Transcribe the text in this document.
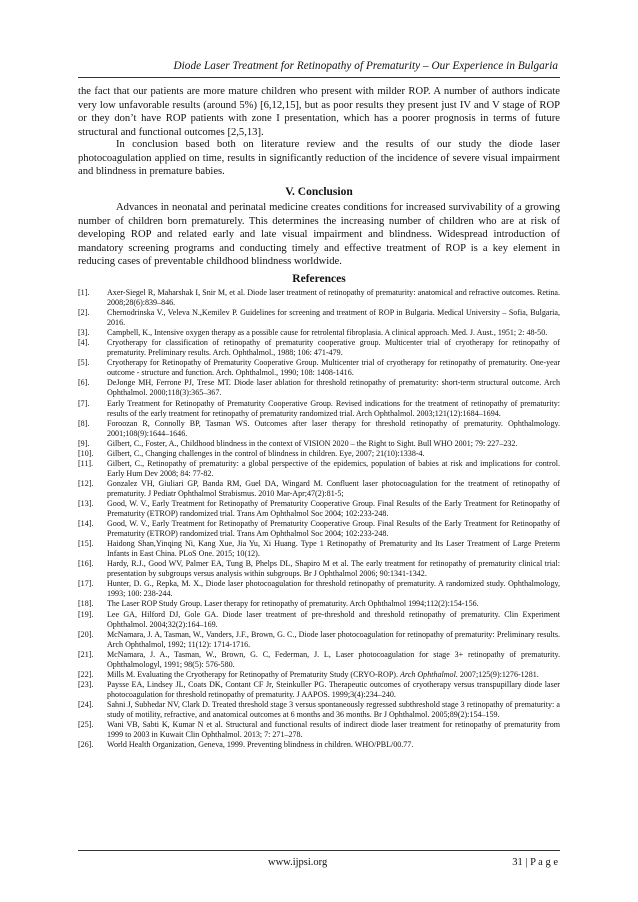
Diode Laser Treatment for Retinopathy of Prematurity – Our Experience in Bulgaria

the fact that our patients are more mature children who present with milder ROP. A number of authors indicate very low unfavorable results (around 5%) [6,12,15], but as poor results they present just IV and V stage of ROP or they don’t have ROP patients with zone I presentation, which has a poorer prognosis in terms of future structural and functional outcomes [2,5,13].

In conclusion based both on literature review and the results of our study the diode laser photocoagulation applied on time, results in significantly reduction of the incidence of severe visual impairment and blindness in premature babies.

V. Conclusion

Advances in neonatal and perinatal medicine creates conditions for increased survivability of a growing number of children born prematurely. This determines the increasing number of children who are at risk of developing ROP and related early and late visual impairment and blindness. Widespread introduction of mandatory screening programs and conducting timely and effective treatment of ROP is a key element in reducing cases of preventable childhood blindness worldwide.

References
[1]. Axer-Siegel R, Maharshak I, Snir M, et al. Diode laser treatment of retinopathy of prematurity: anatomical and refractive outcomes. Retina. 2008;28(6):839–846.
[2]. Chernodrinska V., Veleva N.,Kemilev P. Guidelines for screening and treatment of ROP in Bulgaria. Medical University – Sofia, Bulgaria, 2016.
[3]. Campbell, K., Intensive oxygen therapy as a possible cause for retrolental fibroplasia. A clinical approach. Med. J. Aust., 1951; 2: 48-50.
[4]. Cryotherapy for classification of retinopathy of prematurity cooperative group. Multicenter trial of cryotherapy for retinopathy of prematurity. Preliminary results. Arch. Ophthalmol., 1988; 106: 471-479.
[5]. Cryotherapy for Retinopathy of Prematurity Cooperative Group. Multicenter trial of cryotherapy for retinopathy of prematurity. One-year outcome - structure and function. Arch. Ophthalmol., 1990; 108: 1408-1416.
[6]. DeJonge MH, Ferrone PJ, Trese MT. Diode laser ablation for threshold retinopathy of prematurity: short-term structural outcome. Arch Ophthalmol. 2000;118(3):365–367.
[7]. Early Treatment for Retinopathy of Prematurity Cooperative Group. Revised indications for the treatment of retinopathy of prematurity: results of the early treatment for retinopathy of prematurity randomized trial. Arch Ophthalmol. 2003;121(12):1684–1694.
[8]. Foroozan R, Connolly BP, Tasman WS. Outcomes after laser therapy for threshold retinopathy of prematurity. Ophthalmology. 2001;108(9):1644–1646.
[9]. Gilbert, C., Foster, A., Childhood blindness in the context of VISION 2020 – the Right to Sight. Bull WHO 2001; 79: 227–232.
[10]. Gilbert, C., Changing challenges in the control of blindness in children. Eye, 2007; 21(10):1338-4.
[11]. Gilbert, C., Retinopathy of prematurity: a global perspective of the epidemics, population of babies at risk and implications for control. Early Hum Dev 2008; 84: 77-82.
[12]. Gonzalez VH, Giuliari GP, Banda RM, Guel DA, Wingard M. Confluent laser photocoagulation for the treatment of retinopathy of prematurity. J Pediatr Ophthalmol Strabismus. 2010 Mar-Apr;47(2):81-5;
[13]. Good, W. V., Early Treatment for Retinopathy of Prematurity Cooperative Group. Final Results of the Early Treatment for Retinopathy of Prematurity (ETROP) randomized trial. Trans Am Ophthalmol Soc 2004; 102:233-248.
[14]. Good, W. V., Early Treatment for Retinopathy of Prematurity Cooperative Group. Final Results of the Early Treatment for Retinopathy of Prematurity (ETROP) randomized trial. Trans Am Ophthalmol Soc 2004; 102:233-248.
[15]. Haidong Shan,Yinqing Ni, Kang Xue, Jia Yu, Xi Huang. Type 1 Retinopathy of Prematurity and Its Laser Treatment of Large Preterm Infants in East China. PLoS One. 2015; 10(12).
[16]. Hardy, R.J., Good WV, Palmer EA, Tung B, Phelps DL, Shapiro M et al. The early treatment for retinopathy of prematurity clinical trial: presentation by subgroups versus analysis within subgroups. Br J Ophthalmol 2006; 90:1341-1342.
[17]. Hunter, D. G., Repka, M. X., Diode laser photocoagulation for threshold retinopathy of prematurity. A randomized study. Ophthalmology, 1993; 100: 238-244.
[18]. The Laser ROP Study Group. Laser therapy for retinopathy of prematurity. Arch Ophthalmol 1994;112(2):154-156.
[19]. Lee GA, Hilford DJ, Gole GA. Diode laser treatment of pre-threshold and threshold retinopathy of prematurity. Clin Experiment Ophthalmol. 2004;32(2):164–169.
[20]. McNamara, J. A, Tasman, W., Vanders, J.F., Brown, G. C., Diode laser photocoagulation for retinopathy of prematurity: Preliminary results. Arch Ophthalmol, 1992; 11(12): 1714-1716.
[21]. McNamara, J. A., Tasman, W., Brown, G. C, Federman, J. L, Laser photocoagulation for stage 3+ retinopathy of prematurity. Ophthalmologyl, 1991; 98(5): 576-580.
[22]. Mills M. Evaluating the Cryotherapy for Retinopathy of Prematurity Study (CRYO-ROP). Arch Ophthalmol. 2007;125(9):1276-1281.
[23]. Paysse EA, Lindsey JL, Coats DK, Contant CF Jr, Steinkuller PG. Therapeutic outcomes of cryotherapy versus transpupillary diode laser photocoagulation for threshold retinopathy of prematurity. J AAPOS. 1999;3(4):234–240.
[24]. Sahni J, Subhedar NV, Clark D. Treated threshold stage 3 versus spontaneously regressed subthreshold stage 3 retinopathy of prematurity: a study of motility, refractive, and anatomical outcomes at 6 months and 36 months. Br J Ophthalmol. 2005;89(2):154–159.
[25]. Wani VB, Sabti K, Kumar N et al. Structural and functional results of indirect diode laser treatment for retinopathy of prematurity from 1999 to 2003 in Kuwait Clin Ophthalmol. 2013; 7: 271–278.
[26]. World Health Organization, Geneva, 1999. Preventing blindness in children. WHO/PBL/00.77.
www.ijpsi.org	31 | P a g e
